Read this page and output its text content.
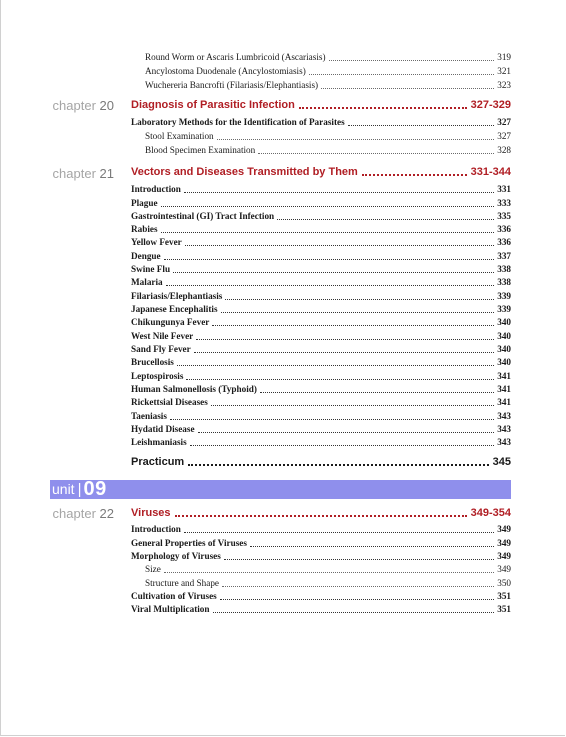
Round Worm or Ascaris Lumbricoid (Ascariasis)	319
Ancylostoma Duodenale (Ancylostomiasis)	321
Wuchereria Bancrofti (Filariasis/Elephantiasis)	323
chapter 20 Diagnosis of Parasitic Infection	327-329
Laboratory Methods for the Identification of Parasites	327
Stool Examination	327
Blood Specimen Examination	328
chapter 21 Vectors and Diseases Transmitted by Them	331-344
Introduction	331
Plague	333
Gastrointestinal (GI) Tract Infection	335
Rabies	336
Yellow Fever	336
Dengue	337
Swine Flu	338
Malaria	338
Filariasis/Elephantiasis	339
Japanese Encephalitis	339
Chikungunya Fever	340
West Nile Fever	340
Sand Fly Fever	340
Brucellosis	340
Leptospirosis	341
Human Salmonellosis (Typhoid)	341
Rickettsial Diseases	341
Taeniasis	343
Hydatid Disease	343
Leishmaniasis	343
Practicum	345
unit | 09
chapter 22 Viruses	349-354
Introduction	349
General Properties of Viruses	349
Morphology of Viruses	349
Size	349
Structure and Shape	350
Cultivation of Viruses	351
Viral Multiplication	351
